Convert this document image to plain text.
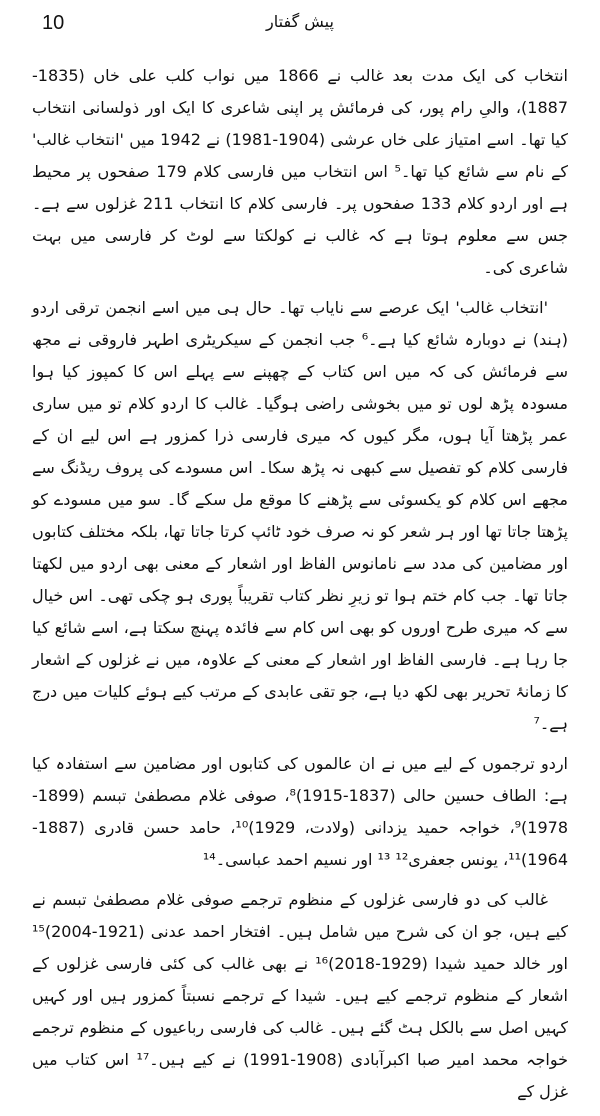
10	پیش گفتار

انتخاب کی ایک مدت بعد غالب نے 1866 میں نواب کلب علی خاں (1835-1887)، والیِ رام پور، کی فرمائش پر اپنی شاعری کا ایک اور ذولسانی انتخاب کیا تھا۔ اسے امتیاز علی خاں عرشی (1904-1981) نے 1942 میں 'انتخاب غالب' کے نام سے شائع کیا تھا۔⁵ اس انتخاب میں فارسی کلام 179 صفحوں پر محیط ہے اور اردو کلام 133 صفحوں پر۔ فارسی کلام کا انتخاب 211 غزلوں سے ہے۔ جس سے معلوم ہوتا ہے کہ غالب نے کولکتا سے لوٹ کر فارسی میں بہت شاعری کی۔

'انتخاب غالب' ایک عرصے سے نایاب تھا۔ حال ہی میں اسے انجمن ترقی اردو (ہند) نے دوبارہ شائع کیا ہے۔⁶ جب انجمن کے سیکریٹری اطہر فاروقی نے مجھ سے فرمائش کی کہ میں اس کتاب کے چھپنے سے پہلے اس کا کمپوز کیا ہوا مسودہ پڑھ لوں تو میں بخوشی راضی ہوگیا۔ غالب کا اردو کلام تو میں ساری عمر پڑھتا آیا ہوں، مگر کیوں کہ میری فارسی ذرا کمزور ہے اس لیے ان کے فارسی کلام کو تفصیل سے کبھی نہ پڑھ سکا۔ اس مسودے کی پروف ریڈنگ سے مجھے اس کلام کو یکسوئی سے پڑھنے کا موقع مل سکے گا۔ سو میں مسودے کو پڑھتا جاتا تھا اور ہر شعر کو نہ صرف خود ٹائپ کرتا جاتا تھا، بلکہ مختلف کتابوں اور مضامین کی مدد سے نامانوس الفاظ اور اشعار کے معنی بھی اردو میں لکھتا جاتا تھا۔ جب کام ختم ہوا تو زیرِ نظر کتاب تقریباً پوری ہو چکی تھی۔ اس خیال سے کہ میری طرح اوروں کو بھی اس کام سے فائدہ پہنچ سکتا ہے، اسے شائع کیا جا رہا ہے۔ فارسی الفاظ اور اشعار کے معنی کے علاوہ، میں نے غزلوں کے اشعار کا زمانۂ تحریر بھی لکھ دیا ہے، جو تقی عابدی کے مرتب کیے ہوئے کلیات میں درج ہے۔⁷

اردو ترجموں کے لیے میں نے ان عالموں کی کتابوں اور مضامین سے استفادہ کیا ہے: الطاف حسین حالی (1837-1915)⁸، صوفی غلام مصطفیٰ تبسم (1899-1978)⁹، خواجہ حمید یزدانی (ولادت، 1929)¹⁰، حامد حسن قادری (1887-1964)¹¹، یونس جعفری¹² ¹³ اور نسیم احمد عباسی۔¹⁴

غالب کی دو فارسی غزلوں کے منظوم ترجمے صوفی غلام مصطفیٰ تبسم نے کیے ہیں، جو ان کی شرح میں شامل ہیں۔ افتخار احمد عدنی (1921-2004)¹⁵ اور خالد حمید شیدا (1929-2018)¹⁶ نے بھی غالب کی کئی فارسی غزلوں کے اشعار کے منظوم ترجمے کیے ہیں۔ شیدا کے ترجمے نسبتاً کمزور ہیں اور کہیں کہیں اصل سے بالکل ہٹ گئے ہیں۔ غالب کی فارسی رباعیوں کے منظوم ترجمے خواجہ محمد امیر صبا اکبرآبادی (1908-1991) نے کیے ہیں۔¹⁷ اس کتاب میں غزل کے
